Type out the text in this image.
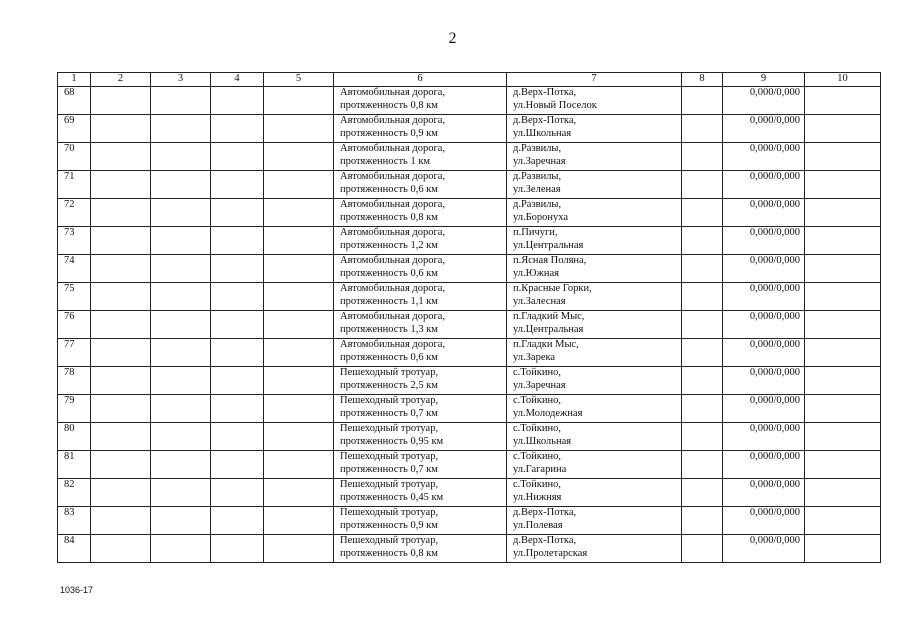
2
1	2	3	4	5	6	7	8	9	10
68					Автомобильная дорога,
протяженность 0,8 км	д.Верх-Потка,
ул.Новый Поселок		0,000/0,000	
69					Автомобильная дорога,
протяженность 0,9 км	д.Верх-Потка,
ул.Школьная		0,000/0,000	
70					Автомобильная дорога,
протяженность 1 км	д.Развилы,
ул.Заречная		0,000/0,000	
71					Автомобильная дорога,
протяженность 0,6 км	д.Развилы,
ул.Зеленая		0,000/0,000	
72					Автомобильная дорога,
протяженность 0,8 км	д.Развилы,
ул.Боронуха		0,000/0,000	
73					Автомобильная дорога,
протяженность 1,2 км	п.Пичуги,
ул.Центральная		0,000/0,000	
74					Автомобильная дорога,
протяженность 0,6 км	п.Ясная Поляна,
ул.Южная		0,000/0,000	
75					Автомобильная дорога,
протяженность 1,1 км	п.Красные Горки,
ул.Залесная		0,000/0,000	
76					Автомобильная дорога,
протяженность 1,3 км	п.Гладкий Мыс,
ул.Центральная		0,000/0,000	
77					Автомобильная дорога,
протяженность 0,6 км	п.Гладки Мыс,
ул.Зарека		0,000/0,000	
78					Пешеходный тротуар,
протяженность 2,5 км	с.Тойкино,
ул.Заречная		0,000/0,000	
79					Пешеходный тротуар,
протяженность 0,7 км	с.Тойкино,
ул.Молодежная		0,000/0,000	
80					Пешеходный тротуар,
протяженность 0,95 км	с.Тойкино,
ул.Школьная		0,000/0,000	
81					Пешеходный тротуар,
протяженность 0,7 км	с.Тойкино,
ул.Гагарина		0,000/0,000	
82					Пешеходный тротуар,
протяженность 0,45 км	с.Тойкино,
ул.Нижняя		0,000/0,000	
83					Пешеходный тротуар,
протяженность 0,9 км	д.Верх-Потка,
ул.Полевая		0,000/0,000	
84					Пешеходный тротуар,
протяженность 0,8 км	д.Верх-Потка,
ул.Пролетарская		0,000/0,000	
1036-17
